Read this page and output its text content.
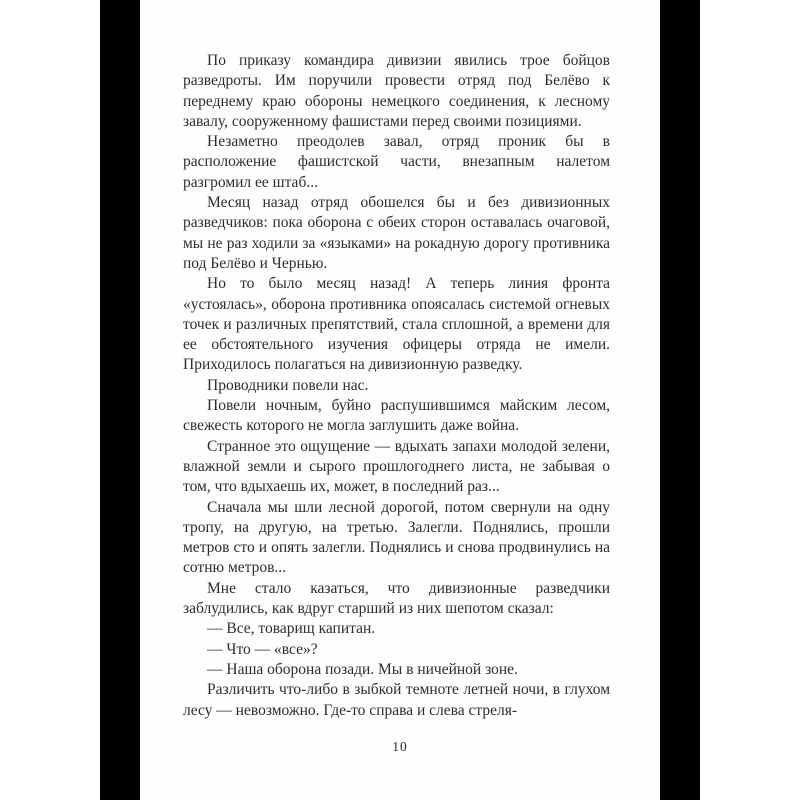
По приказу командира дивизии явились трое бойцов разведроты. Им поручили провести отряд под Белёво к переднему краю обороны немецкого соединения, к лесному завалу, сооруженному фашистами перед своими позициями.

Незаметно преодолев завал, отряд проник бы в расположение фашистской части, внезапным налетом разгромил ее штаб...

Месяц назад отряд обошелся бы и без дивизионных разведчиков: пока оборона с обеих сторон оставалась очаговой, мы не раз ходили за «языками» на рокадную дорогу противника под Белёво и Чернью.

Но то было месяц назад! А теперь линия фронта «устоялась», оборона противника опоясалась системой огневых точек и различных препятствий, стала сплошной, а времени для ее обстоятельного изучения офицеры отряда не имели. Приходилось полагаться на дивизионную разведку.

Проводники повели нас.

Повели ночным, буйно распушившимся майским лесом, свежесть которого не могла заглушить даже война.

Странное это ощущение — вдыхать запахи молодой зелени, влажной земли и сырого прошлогоднего листа, не забывая о том, что вдыхаешь их, может, в последний раз...

Сначала мы шли лесной дорогой, потом свернули на одну тропу, на другую, на третью. Залегли. Поднялись, прошли метров сто и опять залегли. Поднялись и снова продвинулись на сотню метров...

Мне стало казаться, что дивизионные разведчики заблудились, как вдруг старший из них шепотом сказал:

— Все, товарищ капитан.

— Что — «все»?

— Наша оборона позади. Мы в ничейной зоне.

Различить что-либо в зыбкой темноте летней ночи, в глухом лесу — невозможно. Где-то справа и слева стреля-

10
